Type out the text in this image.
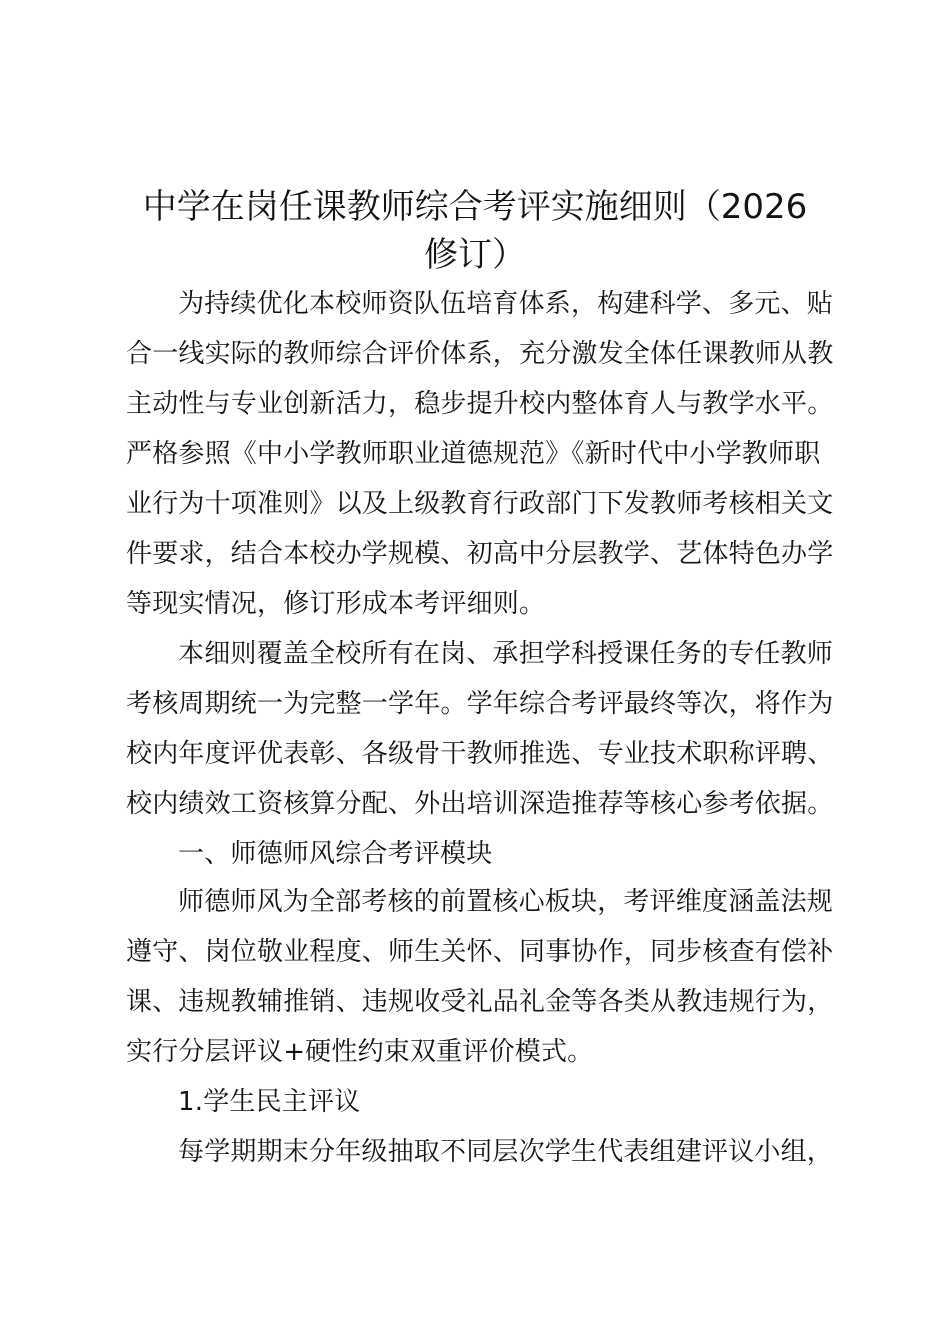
中学在岗任课教师综合考评实施细则（2026
修订）
为持续优化本校师资队伍培育体系，构建科学、多元、贴
合一线实际的教师综合评价体系，充分激发全体任课教师从教
主动性与专业创新活力，稳步提升校内整体育人与教学水平。
严格参照《中小学教师职业道德规范》《新时代中小学教师职
业行为十项准则》以及上级教育行政部门下发教师考核相关文
件要求，结合本校办学规模、初高中分层教学、艺体特色办学
等现实情况，修订形成本考评细则。
本细则覆盖全校所有在岗、承担学科授课任务的专任教师
考核周期统一为完整一学年。学年综合考评最终等次，将作为
校内年度评优表彰、各级骨干教师推选、专业技术职称评聘、
校内绩效工资核算分配、外出培训深造推荐等核心参考依据。
一、师德师风综合考评模块
师德师风为全部考核的前置核心板块，考评维度涵盖法规
遵守、岗位敬业程度、师生关怀、同事协作，同步核查有偿补
课、违规教辅推销、违规收受礼品礼金等各类从教违规行为，
实行分层评议+硬性约束双重评价模式。
1.学生民主评议
每学期期末分年级抽取不同层次学生代表组建评议小组，
